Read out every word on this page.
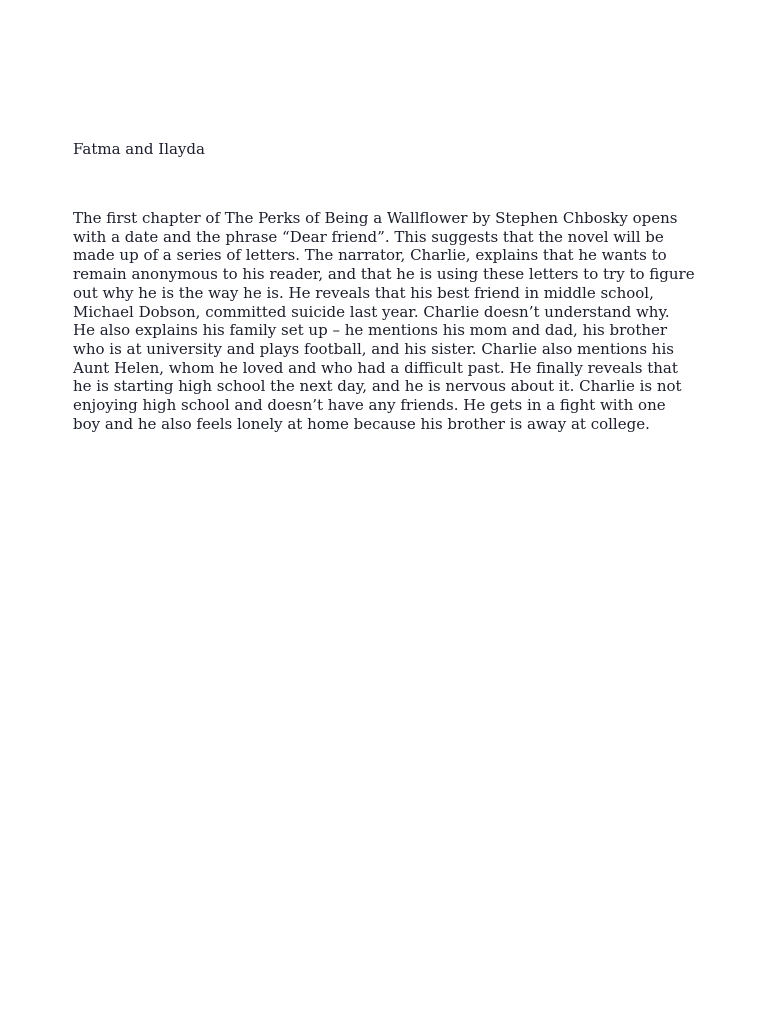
Fatma and Ilayda

The first chapter of The Perks of Being a Wallflower by Stephen Chbosky opens
with a date and the phrase “Dear friend”. This suggests that the novel will be
made up of a series of letters. The narrator, Charlie, explains that he wants to
remain anonymous to his reader, and that he is using these letters to try to figure
out why he is the way he is. He reveals that his best friend in middle school,
Michael Dobson, committed suicide last year. Charlie doesn’t understand why.
He also explains his family set up – he mentions his mom and dad, his brother
who is at university and plays football, and his sister. Charlie also mentions his
Aunt Helen, whom he loved and who had a difficult past. He finally reveals that
he is starting high school the next day, and he is nervous about it. Charlie is not
enjoying high school and doesn’t have any friends. He gets in a fight with one
boy and he also feels lonely at home because his brother is away at college.
